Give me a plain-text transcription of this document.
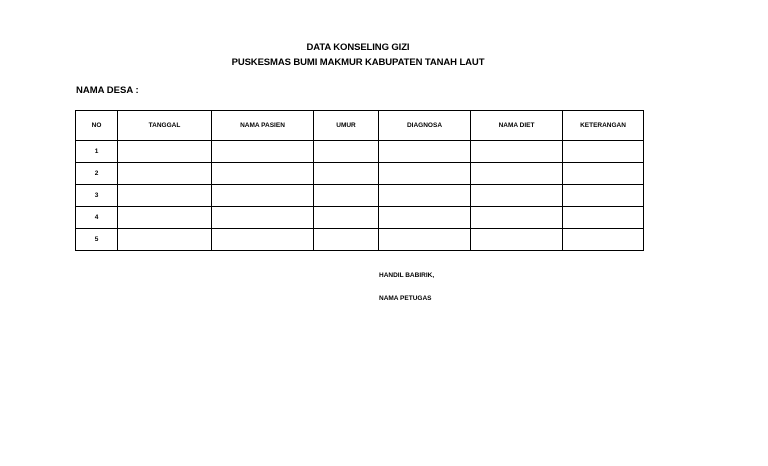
DATA KONSELING GIZI
PUSKESMAS BUMI MAKMUR KABUPATEN TANAH LAUT
NAMA DESA :
NO	TANGGAL	NAMA PASIEN	UMUR	DIAGNOSA	NAMA DIET	KETERANGAN
1						
2						
3						
4						
5						
HANDIL BABIRIK,
NAMA PETUGAS
